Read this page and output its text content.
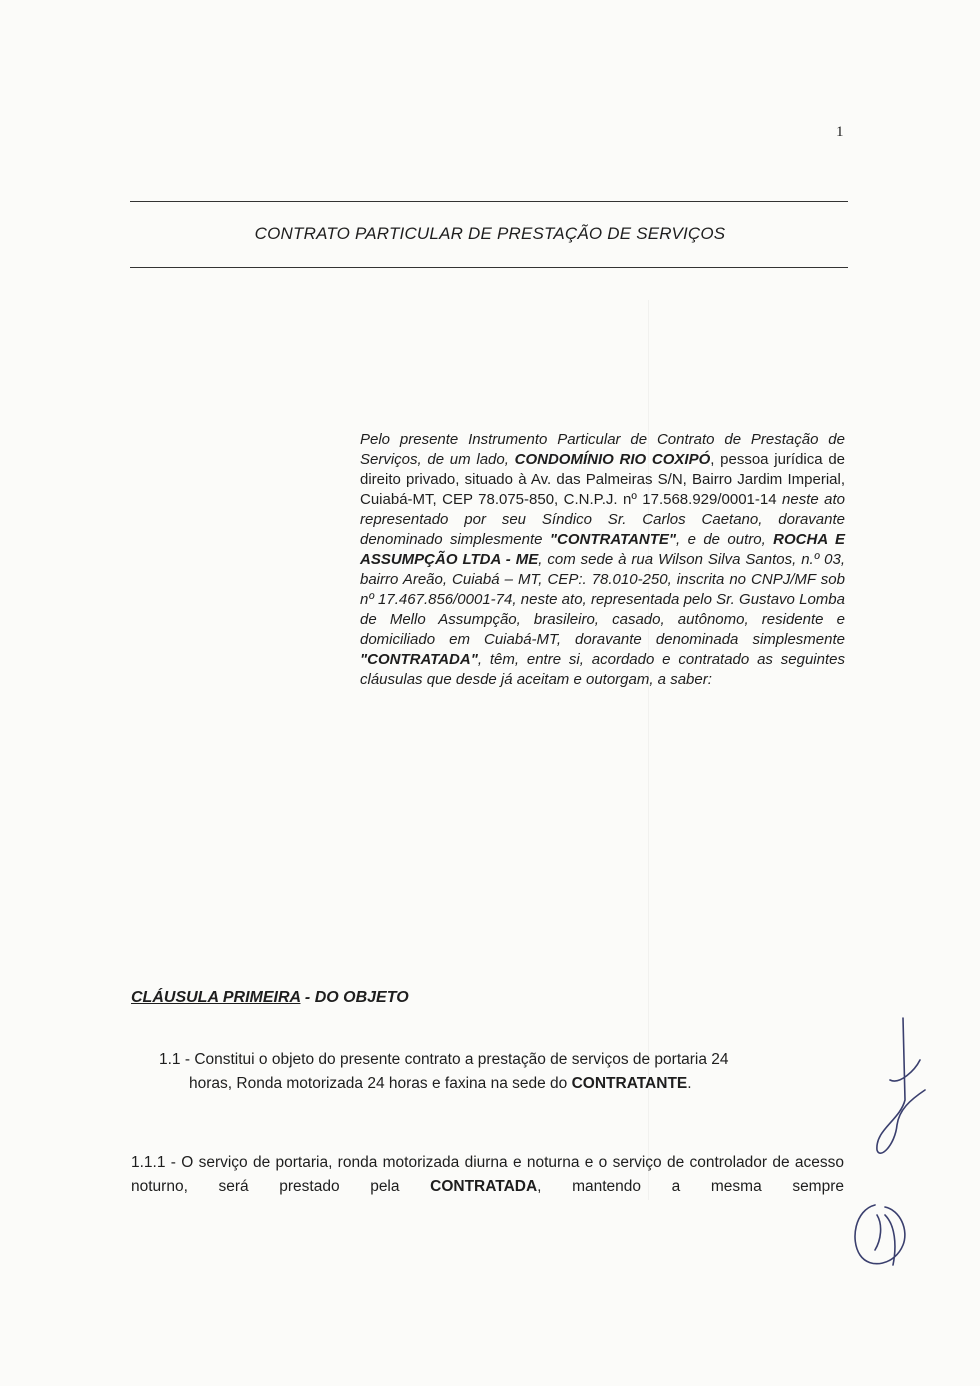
1
CONTRATO PARTICULAR DE PRESTAÇÃO DE SERVIÇOS
Pelo presente Instrumento Particular de Contrato de Prestação de Serviços, de um lado, CONDOMÍNIO RIO COXIPÓ, pessoa jurídica de direito privado, situado à Av. das Palmeiras S/N, Bairro Jardim Imperial, Cuiabá-MT, CEP 78.075-850, C.N.P.J. nº 17.568.929/0001-14 neste ato representado por seu Síndico Sr. Carlos Caetano, doravante denominado simplesmente "CONTRATANTE", e de outro, ROCHA E ASSUMPÇÃO LTDA - ME, com sede à rua Wilson Silva Santos, n.º 03, bairro Areão, Cuiabá – MT, CEP:. 78.010-250, inscrita no CNPJ/MF sob nº 17.467.856/0001-74, neste ato, representada pelo Sr. Gustavo Lomba de Mello Assumpção, brasileiro, casado, autônomo, residente e domiciliado em Cuiabá-MT, doravante denominada simplesmente "CONTRATADA", têm, entre si, acordado e contratado as seguintes cláusulas que desde já aceitam e outorgam, a saber:
CLÁUSULA PRIMEIRA - DO OBJETO
1.1 - Constitui o objeto do presente contrato a prestação de serviços de portaria 24
horas, Ronda motorizada 24 horas e faxina na sede do CONTRATANTE.
1.1.1 - O serviço de portaria, ronda motorizada diurna e noturna e o serviço de controlador de acesso noturno, será prestado pela CONTRATADA, mantendo a mesma sempre
